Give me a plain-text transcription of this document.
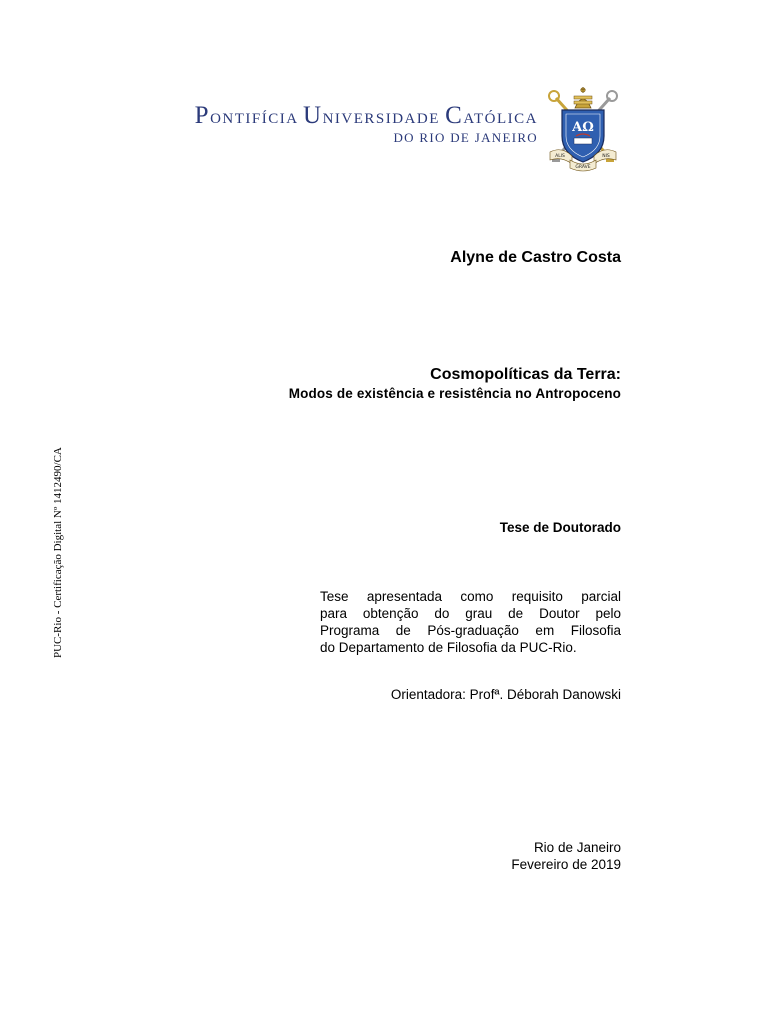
PONTIFÍCIA UNIVERSIDADE CATÓLICA
DO RIO DE JANEIRO
ΑΩ
ALIS
GRAVE
NIS
Alyne de Castro Costa
Cosmopolíticas da Terra:
Modos de existência e resistência no Antropoceno
Tese de Doutorado
Tese apresentada como requisito parcial
para obtenção do grau de Doutor pelo
Programa de Pós-graduação em Filosofia
do Departamento de Filosofia da PUC-Rio.
Orientadora: Profª. Déborah Danowski
Rio de Janeiro
Fevereiro de 2019
PUC-Rio - Certificação Digital Nº 1412490/CA
